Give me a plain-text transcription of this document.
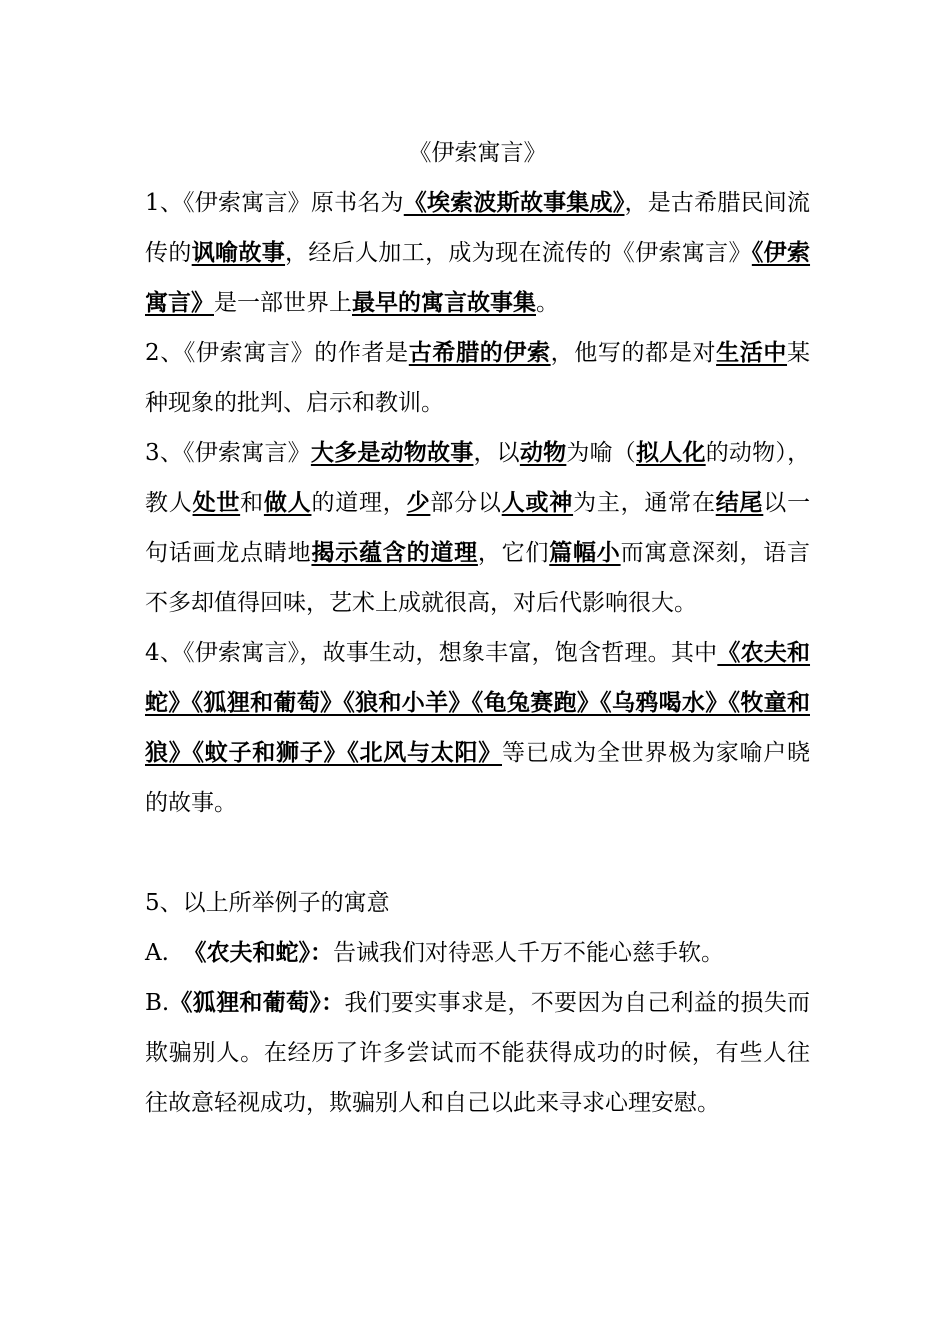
《伊索寓言》

1、《伊索寓言》原书名为《埃索波斯故事集成》，是古希腊民间流传的讽喻故事，经后人加工，成为现在流传的《伊索寓言》《伊索寓言》是一部世界上最早的寓言故事集。

2、《伊索寓言》的作者是古希腊的伊索，他写的都是对生活中某种现象的批判、启示和教训。

3、《伊索寓言》大多是动物故事，以动物为喻（拟人化的动物），教人处世和做人的道理，少部分以人或神为主，通常在结尾以一句话画龙点睛地揭示蕴含的道理，它们篇幅小而寓意深刻，语言不多却值得回味，艺术上成就很高，对后代影响很大。

4、《伊索寓言》，故事生动，想象丰富，饱含哲理。其中《农夫和蛇》《狐狸和葡萄》《狼和小羊》《龟兔赛跑》《乌鸦喝水》《牧童和狼》《蚊子和狮子》《北风与太阳》等已成为全世界极为家喻户晓的故事。

5、以上所举例子的寓意

A. 《农夫和蛇》：告诫我们对待恶人千万不能心慈手软。

B.《狐狸和葡萄》：我们要实事求是，不要因为自己利益的损失而欺骗别人。在经历了许多尝试而不能获得成功的时候，有些人往往故意轻视成功，欺骗别人和自己以此来寻求心理安慰。
